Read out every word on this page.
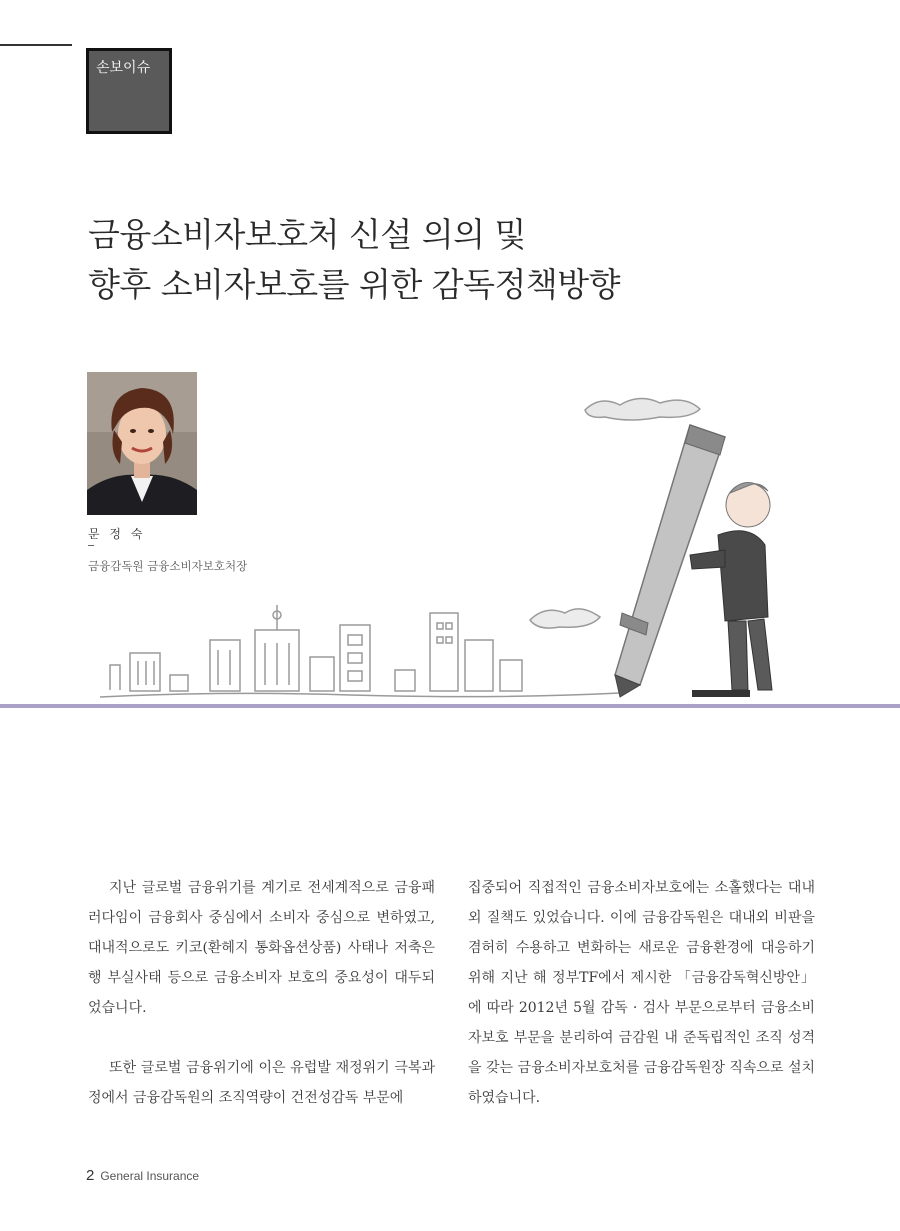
손보이슈
금융소비자보호처 신설 의의 및
향후 소비자보호를 위한 감독정책방향
문 정 숙
금융감독원 금융소비자보호처장

지난 글로벌 금융위기를 계기로 전세계적으로 금융패러다임이 금융회사 중심에서 소비자 중심으로 변하였고, 대내적으로도 키코(환헤지 통화옵션상품) 사태나 저축은행 부실사태 등으로 금융소비자 보호의 중요성이 대두되었습니다.

또한 글로벌 금융위기에 이은 유럽발 재정위기 극복과정에서 금융감독원의 조직역량이 건전성감독 부문에

집중되어 직접적인 금융소비자보호에는 소홀했다는 대내외 질책도 있었습니다. 이에 금융감독원은 대내외 비판을 겸허히 수용하고 변화하는 새로운 금융환경에 대응하기 위해 지난 해 정부TF에서 제시한 「금융감독혁신방안」에 따라 2012년 5월 감독 · 검사 부문으로부터 금융소비자보호 부문을 분리하여 금감원 내 준독립적인 조직 성격을 갖는 금융소비자보호처를 금융감독원장 직속으로 설치하였습니다.

2 General Insurance
